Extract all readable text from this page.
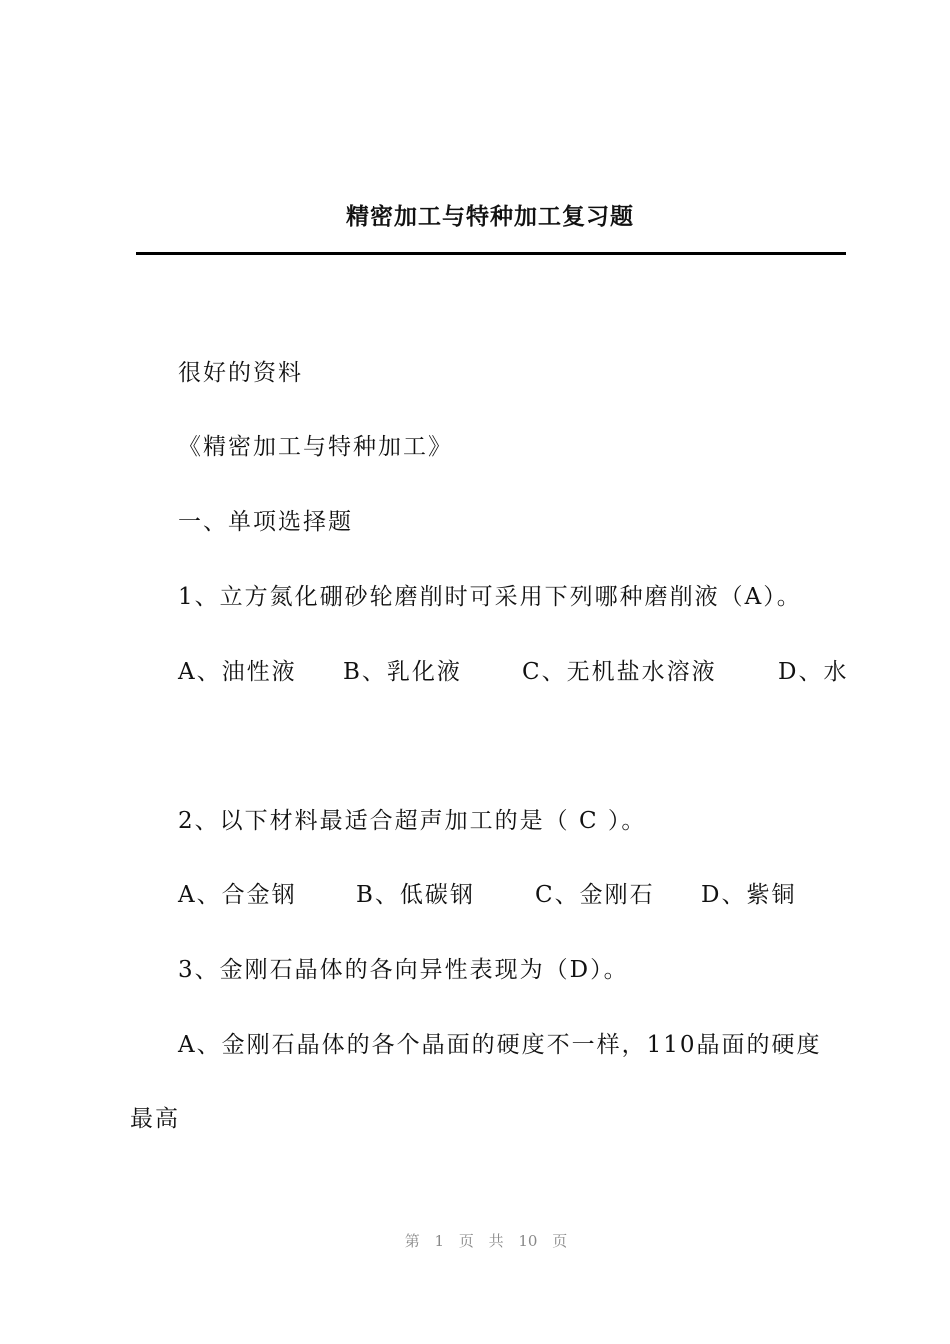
精密加工与特种加工复习题
很好的资料
《精密加工与特种加工》
一、单项选择题
1、立方氮化硼砂轮磨削时可采用下列哪种磨削液（A）。
A、油性液 B、乳化液	C、无机盐水溶液	D、水
2、以下材料最适合超声加工的是（ C ）。
A、合金钢	B、低碳钢	C、金刚石 D、紫铜
3、金刚石晶体的各向异性表现为（D）。
A、金刚石晶体的各个晶面的硬度不一样，110晶面的硬度
最高
第 1 页 共 10 页
